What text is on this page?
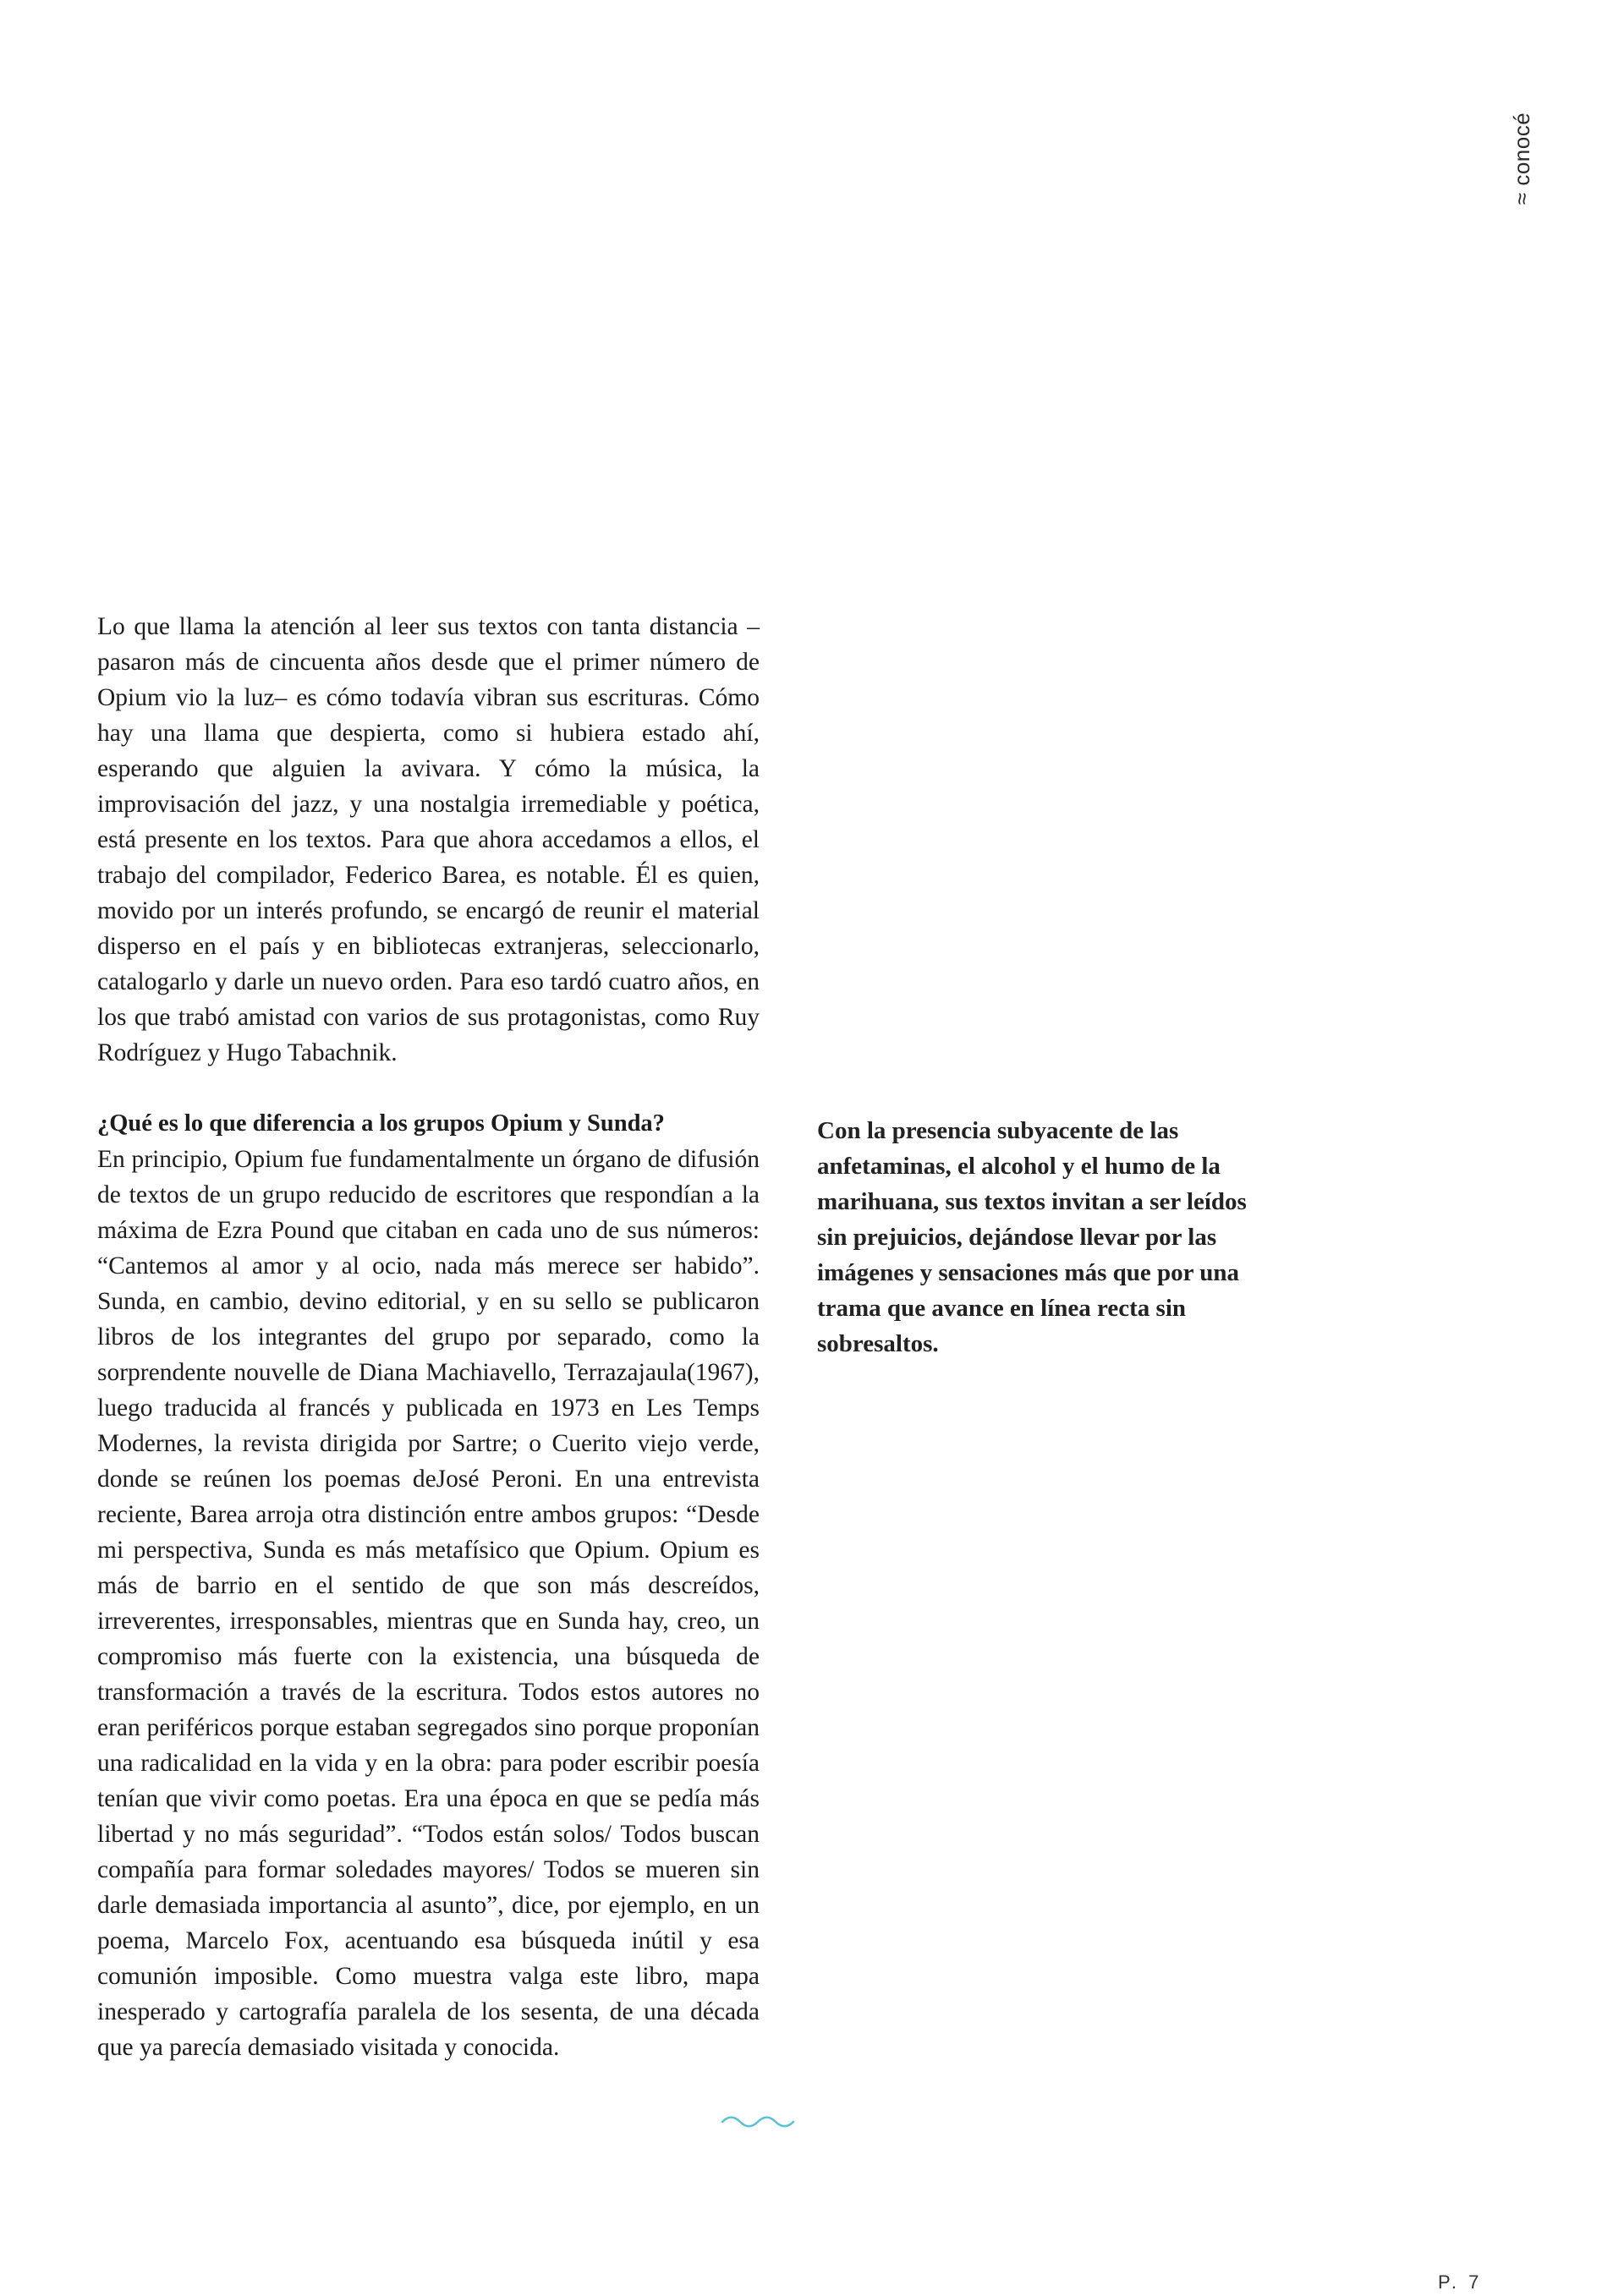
≈ conocé

Lo que llama la atención al leer sus textos con tanta distancia –pasaron más de cincuenta años desde que el primer número de Opium vio la luz– es cómo todavía vibran sus escrituras. Cómo hay una llama que despierta, como si hubiera estado ahí, esperando que alguien la avivara. Y cómo la música, la improvisación del jazz, y una nostalgia irremediable y poética, está presente en los textos. Para que ahora accedamos a ellos, el trabajo del compilador, Federico Barea, es notable. Él es quien, movido por un interés profundo, se encargó de reunir el material disperso en el país y en bibliotecas extranjeras, seleccionarlo, catalogarlo y darle un nuevo orden. Para eso tardó cuatro años, en los que trabó amistad con varios de sus protagonistas, como Ruy Rodríguez y Hugo Tabachnik.

¿Qué es lo que diferencia a los grupos Opium y Sunda?

En principio, Opium fue fundamentalmente un órgano de difusión de textos de un grupo reducido de escritores que respondían a la máxima de Ezra Pound que citaban en cada uno de sus números: “Cantemos al amor y al ocio, nada más merece ser habido”. Sunda, en cambio, devino editorial, y en su sello se publicaron libros de los integrantes del grupo por separado, como la sorprendente nouvelle de Diana Machiavello, Terrazajaula(1967), luego traducida al francés y publicada en 1973 en Les Temps Modernes, la revista dirigida por Sartre; o Cuerito viejo verde, donde se reúnen los poemas deJosé Peroni. En una entrevista reciente, Barea arroja otra distinción entre ambos grupos: “Desde mi perspectiva, Sunda es más metafísico que Opium. Opium es más de barrio en el sentido de que son más descreídos, irreverentes, irresponsables, mientras que en Sunda hay, creo, un compromiso más fuerte con la existencia, una búsqueda de transformación a través de la escritura. Todos estos autores no eran periféricos porque estaban segregados sino porque proponían una radicalidad en la vida y en la obra: para poder escribir poesía tenían que vivir como poetas. Era una época en que se pedía más libertad y no más seguridad”. “Todos están solos/ Todos buscan compañía para formar soledades mayores/ Todos se mueren sin darle demasiada importancia al asunto”, dice, por ejemplo, en un poema, Marcelo Fox, acentuando esa búsqueda inútil y esa comunión imposible. Como muestra valga este libro, mapa inesperado y cartografía paralela de los sesenta, de una década que ya parecía demasiado visitada y conocida.

Con la presencia subyacente de las anfetaminas, el alcohol y el humo de la marihuana, sus textos invitan a ser leídos sin prejuicios, dejándose llevar por las imágenes y sensaciones más que por una trama que avance en línea recta sin sobresaltos.

P. 7
